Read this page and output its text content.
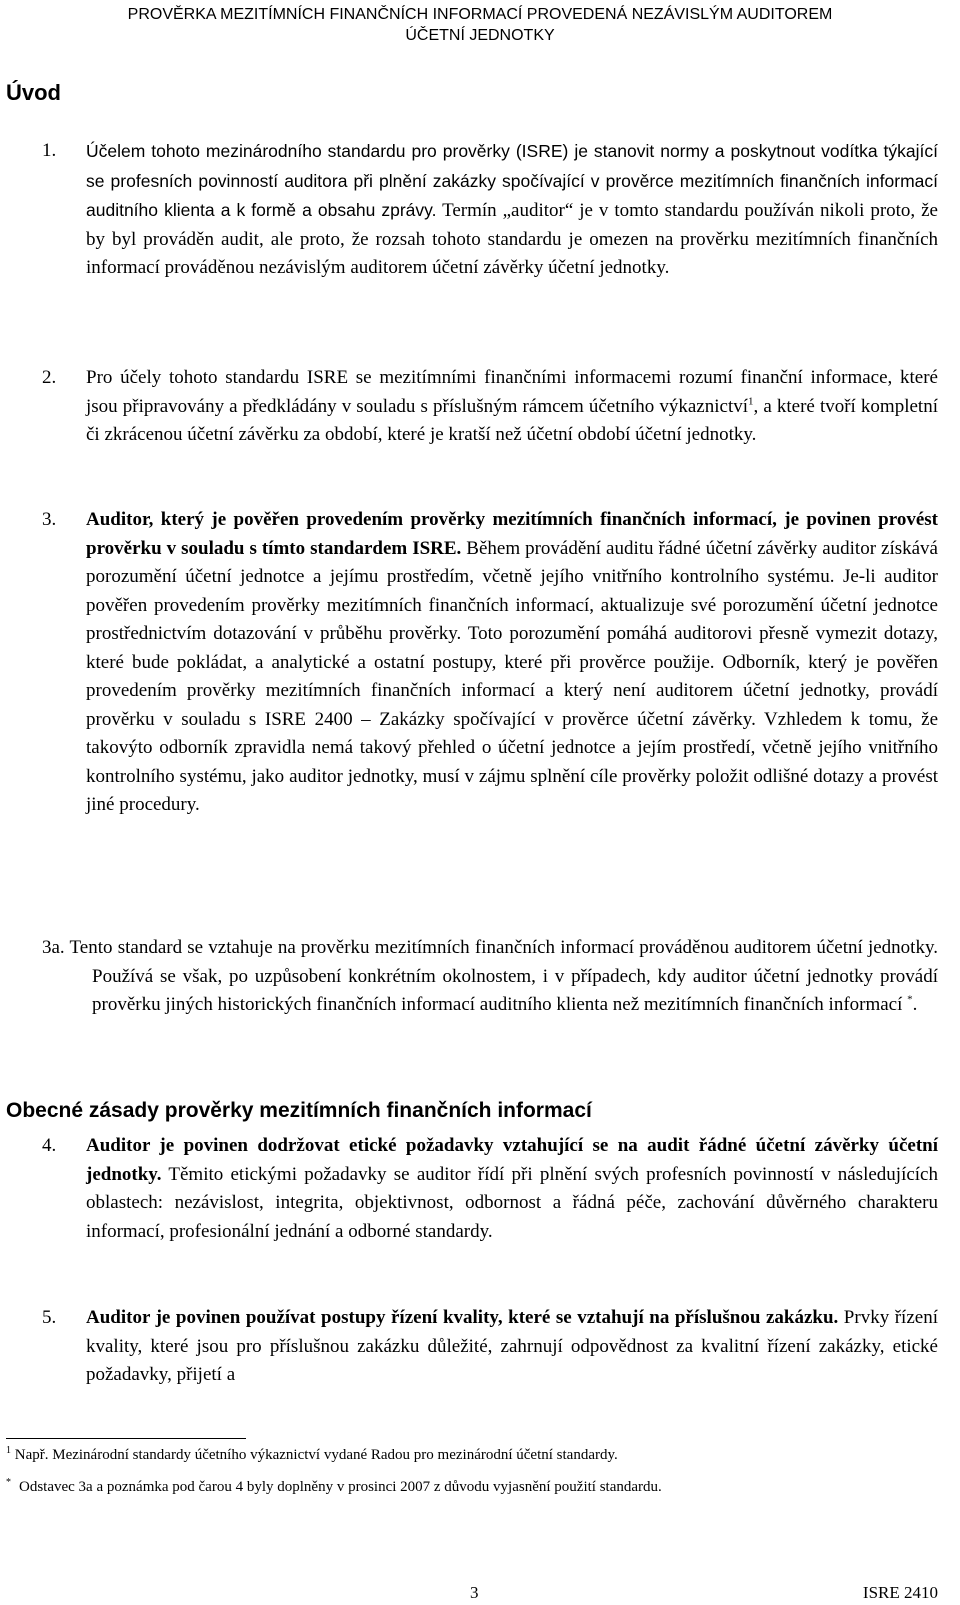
PROVĚRKA MEZITÍMNÍCH FINANČNÍCH INFORMACÍ PROVEDENÁ NEZÁVISLÝM AUDITOREM
ÚČETNÍ JEDNOTKY
Úvod
1. Účelem tohoto mezinárodního standardu pro prověrky (ISRE) je stanovit normy a poskytnout vodítka týkající se profesních povinností auditora při plnění zakázky spočívající v prověrce mezitímních finančních informací auditního klienta a k formě a obsahu zprávy. Termín „auditor“ je v tomto standardu používán nikoli proto, že by byl prováděn audit, ale proto, že rozsah tohoto standardu je omezen na prověrku mezitímních finančních informací prováděnou nezávislým auditorem účetní závěrky účetní jednotky.
2. Pro účely tohoto standardu ISRE se mezitímními finančními informacemi rozumí finanční informace, které jsou připravovány a předkládány v souladu s příslušným rámcem účetního výkaznictví$^1$, a které tvoří kompletní či zkrácenou účetní závěrku za období, které je kratší než účetní období účetní jednotky.
3. Auditor, který je pověřen provedením prověrky mezitímních finančních informací, je povinen provést prověrku v souladu s tímto standardem ISRE. Během provádění auditu řádné účetní závěrky auditor získává porozumění účetní jednotce a jejímu prostředím, včetně jejího vnitřního kontrolního systému. Je-li auditor pověřen provedením prověrky mezitímních finančních informací, aktualizuje své porozumění účetní jednotce prostřednictvím dotazování v průběhu prověrky. Toto porozumění pomáhá auditorovi přesně vymezit dotazy, které bude pokládat, a analytické a ostatní postupy, které při prověrce použije. Odborník, který je pověřen provedením prověrky mezitímních finančních informací a který není auditorem účetní jednotky, provádí prověrku v souladu s ISRE 2400 – Zakázky spočívající v prověrce účetní závěrky. Vzhledem k tomu, že takovýto odborník zpravidla nemá takový přehled o účetní jednotce a jejím prostředí, včetně jejího vnitřního kontrolního systému, jako auditor jednotky, musí v zájmu splnění cíle prověrky položit odlišné dotazy a provést jiné procedury.
3a. Tento standard se vztahuje na prověrku mezitímních finančních informací prováděnou auditorem účetní jednotky. Používá se však, po uzpůsobení konkrétním okolnostem, i v případech, kdy auditor účetní jednotky provádí prověrku jiných historických finančních informací auditního klienta než mezitímních finančních informací *.
Obecné zásady prověrky mezitímních finančních informací
4. Auditor je povinen dodržovat etické požadavky vztahující se na audit řádné účetní závěrky účetní jednotky. Těmito etickými požadavky se auditor řídí při plnění svých profesních povinností v následujících oblastech: nezávislost, integrita, objektivnost, odbornost a řádná péče, zachování důvěrného charakteru informací, profesionální jednání a odborné standardy.
5. Auditor je povinen používat postupy řízení kvality, které se vztahují na příslušnou zakázku. Prvky řízení kvality, které jsou pro příslušnou zakázku důležité, zahrnují odpovědnost za kvalitní řízení zakázky, etické požadavky, přijetí a
$^1$ Např. Mezinárodní standardy účetního výkaznictví vydané Radou pro mezinárodní účetní standardy.
* Odstavec 3a a poznámka pod čarou 4 byly doplněny v prosinci 2007 z důvodu vyjasnění použití standardu.
3	ISRE 2410
